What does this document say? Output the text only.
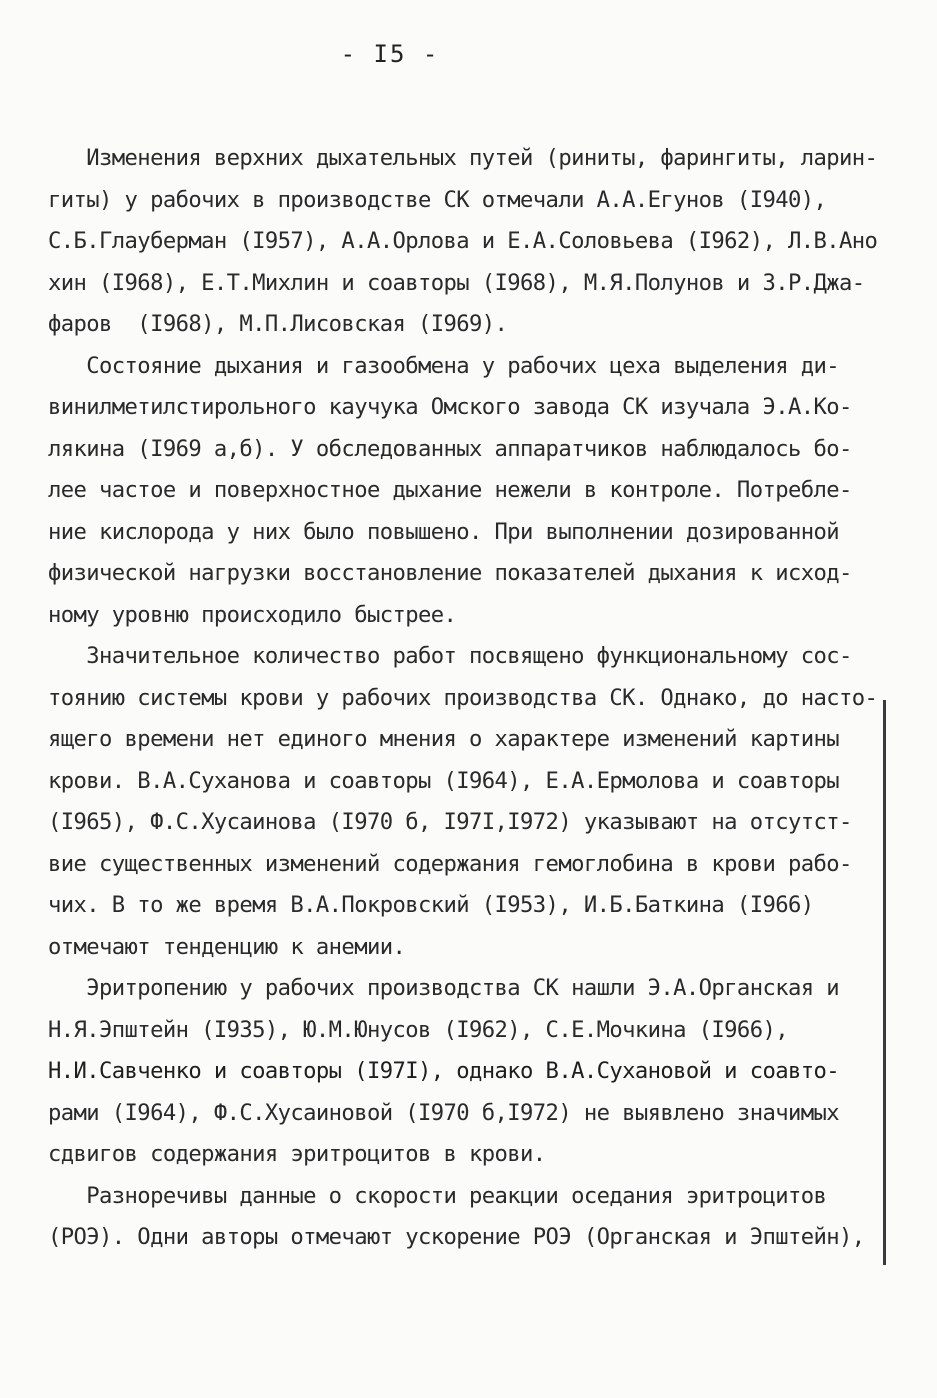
- I5 -
Изменения верхних дыхательных путей (риниты, фарингиты, ларин-
гиты) у рабочих в производстве СК отмечали А.А.Егунов (I940),
С.Б.Глауберман (I957), А.А.Орлова и Е.А.Соловьева (I962), Л.В.Ано
хин (I968), Е.Т.Михлин и соавторы (I968), М.Я.Полунов и З.Р.Джа-
фаров  (I968), М.П.Лисовская (I969).
Состояние дыхания и газообмена у рабочих цеха выделения ди-
винилметилстирольного каучука Омского завода СК изучала Э.А.Ко-
лякина (I969 а,б). У обследованных аппаратчиков наблюдалось бо-
лее частое и поверхностное дыхание нежели в контроле. Потребле-
ние кислорода у них было повышено. При выполнении дозированной
физической нагрузки восстановление показателей дыхания к исход-
ному уровню происходило быстрее.
Значительное количество работ посвящено функциональному сос-
тоянию системы крови у рабочих производства СК. Однако, до насто-
ящего времени нет единого мнения о характере изменений картины
крови. В.А.Суханова и соавторы (I964), Е.А.Ермолова и соавторы
(I965), Ф.С.Хусаинова (I970 б, I97I,I972) указывают на отсутст-
вие существенных изменений содержания гемоглобина в крови рабо-
чих. В то же время В.А.Покровский (I953), И.Б.Баткина (I966)
отмечают тенденцию к анемии.
Эритропению у рабочих производства СК нашли Э.А.Органская и
Н.Я.Эпштейн (I935), Ю.М.Юнусов (I962), С.Е.Мочкина (I966),
Н.И.Савченко и соавторы (I97I), однако В.А.Сухановой и соавто-
рами (I964), Ф.С.Хусаиновой (I970 б,I972) не выявлено значимых
сдвигов содержания эритроцитов в крови.
Разноречивы данные о скорости реакции оседания эритроцитов
(РОЭ). Одни авторы отмечают ускорение РОЭ (Органская и Эпштейн),
